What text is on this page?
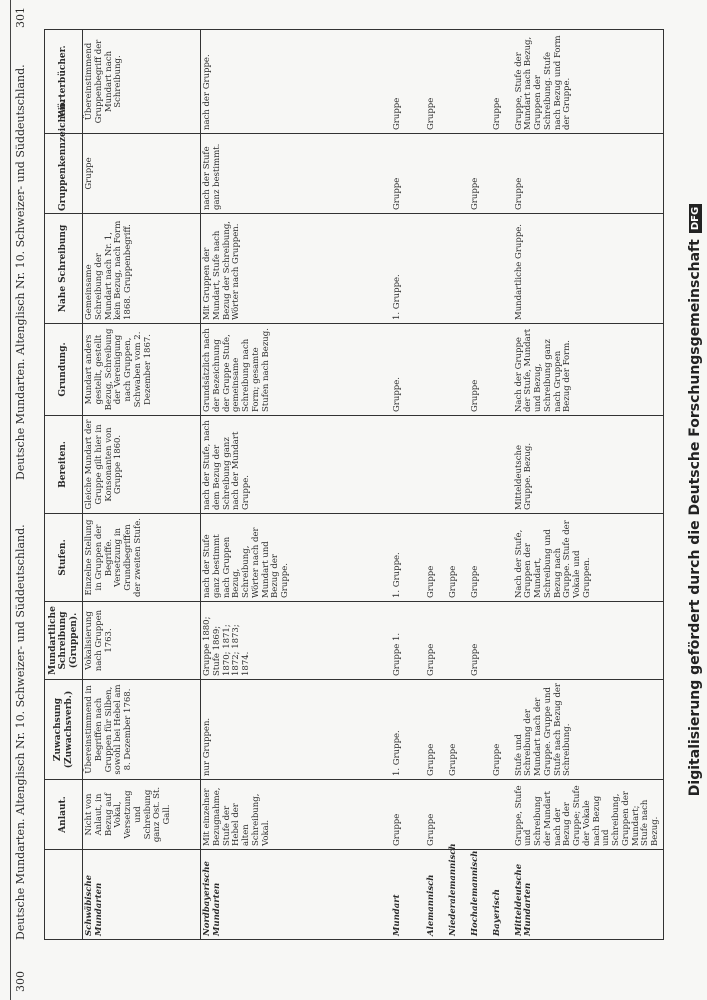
300
Deutsche Mundarten. Altenglisch Nr. 10. Schweizer- und Süddeutschland.
Deutsche Mundarten. Altenglisch Nr. 10. Schweizer- und Süddeutschland.
301
	Anlaut.	Zuwachsung (Zuwachsverb.)	Mundartliche Schreibung (Gruppen).	Stufen.	Bereiten.	Grundung.	Nahe Schreibung	Gruppenkennzeichen.	Wörterbücher.
Schwäbische Mundarten	Nicht von Anlaut, in Bezug auf Vokal, Versetzung und Schreibung ganz Ost. St. Gall.	Übereinstimmend in Begriffen nach Gruppen für Silben, sowohl bei Hebel am 8. Dezember 1768.	Vokalisierung nach Gruppen 1763.	Einzelne Stellung in Gruppen der Begriffe. Versetzung in Grundbegriffen der zweiten Stufe.	Gleiche Mundart der Gruppe gilt hier in Konsonanten von Gruppe 1860.	Mundart anders gestellt, gestellt Bezug, Schreibung der Vereinigung nach Gruppen, Schwaben vom 2. Dezember 1867.	Gemeinsame Schreibung der Mundart nach Nr. 1, kein Bezug, nach Form 1868. Gruppenbegriff.	Gruppe	Übereinstimmend Gruppenbegriff der Mundart nach Schreibung.
Nordbayerische Mundarten	Mit einzelner Bezugnahme, Stufe der Hebel der alten Schreibung, Vokal.	nur Gruppen.	Gruppe 1880; Stufe 1869; 1870; 1871; 1872; 1873; 1874.	nach der Stufe ganz bestimmt nach Gruppen Bezug, Schreibung, Wörter nach der Mundart und Bezug der Gruppe.	nach der Stufe, nach dem Bezug der Schreibung ganz nach der Mundart Gruppe.	Grundsätzlich nach der Bezeichnung der Gruppe Stufe, gemeinsame Schreibung nach Form; gesamte Stufen nach Bezug.	Mit Gruppen der Mundart, Stufe nach Bezug der Schreibung, Wörter nach Gruppen.	nach der Stufe ganz bestimmt.	nach der Gruppe.
Mundart	Gruppe	1. Gruppe.	Gruppe 1.	1. Gruppe.		Gruppe.	1. Gruppe.	Gruppe	Gruppe
Alemannisch	Gruppe	Gruppe	Gruppe	Gruppe					Gruppe
Niederalemannisch		Gruppe		Gruppe					
Hochalemannisch			Gruppe	Gruppe		Gruppe		Gruppe	
Bayerisch		Gruppe							Gruppe
Mitteldeutsche Mundarten	Gruppe, Stufe und Schreibung der Mundart nach der Bezug der Gruppe; Stufe der Vokale nach Bezug und Schreibung, Gruppen der Mundart; Stufe nach Bezug.	Stufe und Schreibung der Mundart nach der Gruppe. Gruppe und Stufe nach Bezug der Schreibung.		Nach der Stufe, Gruppen der Mundart, Schreibung und Bezug nach Gruppe. Stufe der Vokale und Gruppen.	Mitteldeutsche Gruppe. Bezug.	Nach der Gruppe der Stufe, Mundart und Bezug, Schreibung ganz nach Gruppen Bezug der Form.	Mundartliche Gruppe.	Gruppe	Gruppe, Stufe der Mundart nach Bezug, Gruppen der Schreibung. Stufe nach Bezug und Form der Gruppe.
Digitalisierung gefördert durch die Deutsche Forschungsgemeinschaft
DFG
